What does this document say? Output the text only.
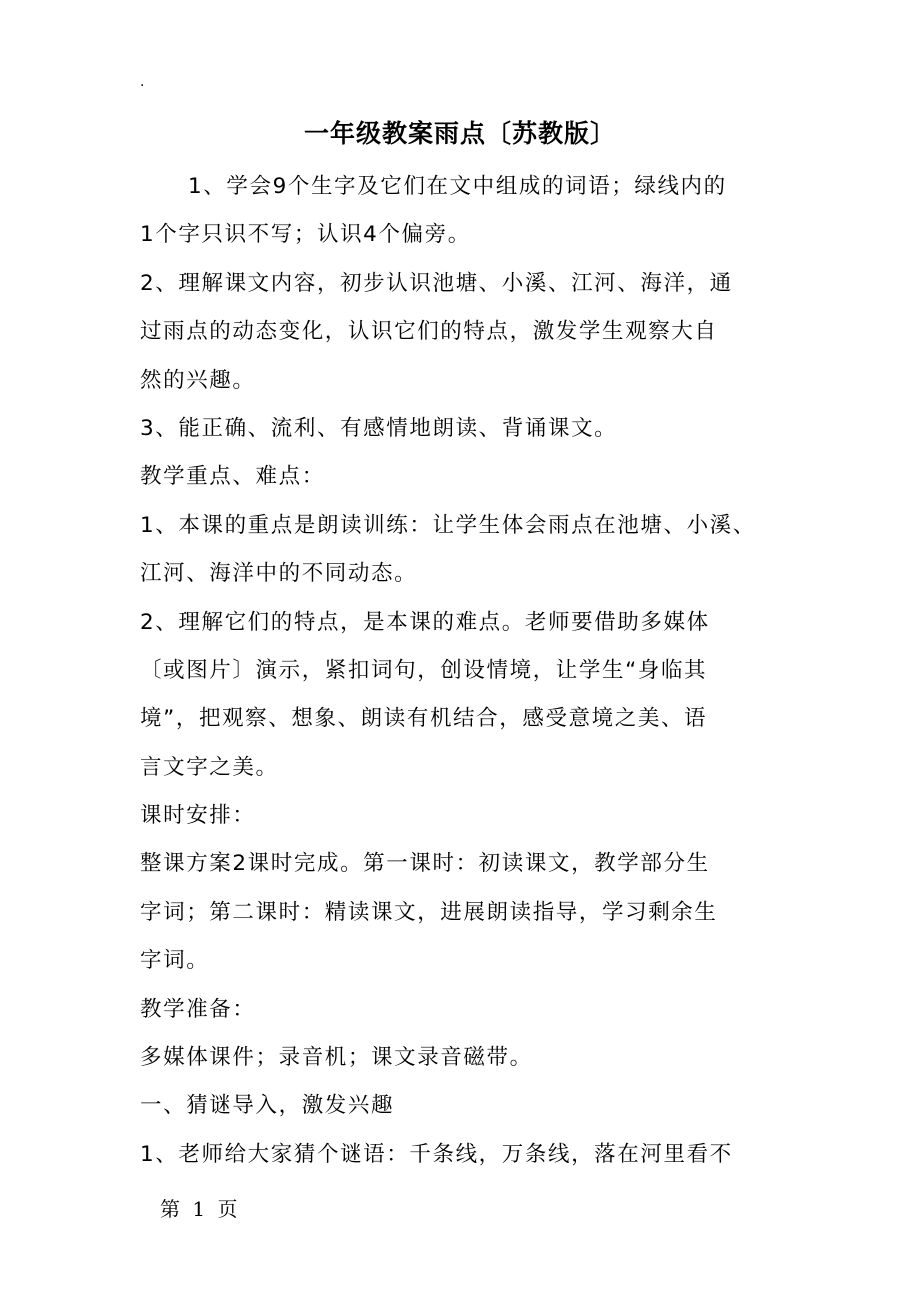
.
一年级教案雨点〔苏教版〕
1、学会9个生字及它们在文中组成的词语；绿线内的
1个字只识不写；认识4个偏旁。
2、理解课文内容，初步认识池塘、小溪、江河、海洋，通
过雨点的动态变化，认识它们的特点，激发学生观察大自
然的兴趣。
3、能正确、流利、有感情地朗读、背诵课文。
教学重点、难点：
1、本课的重点是朗读训练：让学生体会雨点在池塘、小溪、
江河、海洋中的不同动态。
2、理解它们的特点，是本课的难点。老师要借助多媒体
〔或图片〕演示，紧扣词句，创设情境，让学生“身临其
境”，把观察、想象、朗读有机结合，感受意境之美、语
言文字之美。
课时安排：
整课方案2课时完成。第一课时：初读课文，教学部分生
字词；第二课时：精读课文，进展朗读指导，学习剩余生
字词。
教学准备：
多媒体课件；录音机；课文录音磁带。
一、猜谜导入，激发兴趣
1、老师给大家猜个谜语：千条线，万条线，落在河里看不
第 1 页
